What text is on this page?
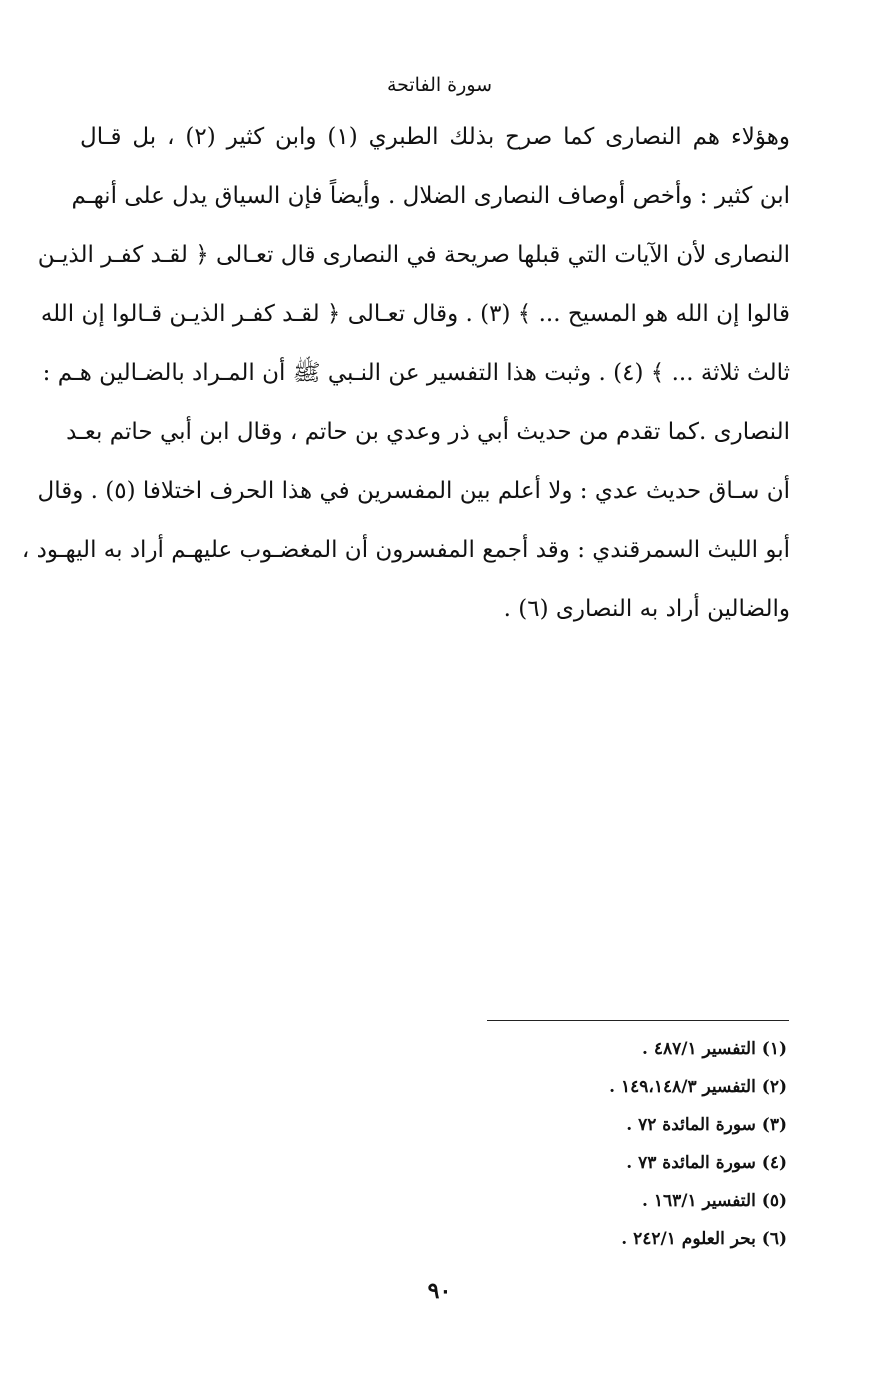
سورة الفاتحة
وهؤلاء هم النصارى كما صرح بذلك الطبري (١) وابن كثير (٢) ، بل قـال
ابن كثير : وأخص أوصاف النصارى الضلال . وأيضاً فإن السياق يدل على أنهـم
النصارى لأن الآيات التي قبلها صريحة في النصارى قال تعـالى ﴿ لقـد كفـر الذيـن
قالوا إن الله هو المسيح ... ﴾ (٣) . وقال تعـالى ﴿ لقـد كفـر الذيـن قـالوا إن الله
ثالث ثلاثة ... ﴾ (٤) . وثبت هذا التفسير عن النـبي ﷺ أن المـراد بالضـالين هـم :
النصارى .كما تقدم من حديث أبي ذر وعدي بن حاتم ، وقال ابن أبي حاتم بعـد
أن سـاق حديث عدي : ولا أعلم بين المفسرين في هذا الحرف اختلافا (٥) . وقال
أبو الليث السمرقندي : وقد أجمع المفسرون أن المغضـوب عليهـم أراد به اليهـود ،
والضالين أراد به النصارى (٦) .
(١) التفسير ٤٨٧/١ .
(٢) التفسير ١٤٩،١٤٨/٣ .
(٣) سورة المائدة ٧٢ .
(٤) سورة المائدة ٧٣ .
(٥) التفسير ١٦٣/١ .
(٦) بحر العلوم ٢٤٢/١ .
٩٠
